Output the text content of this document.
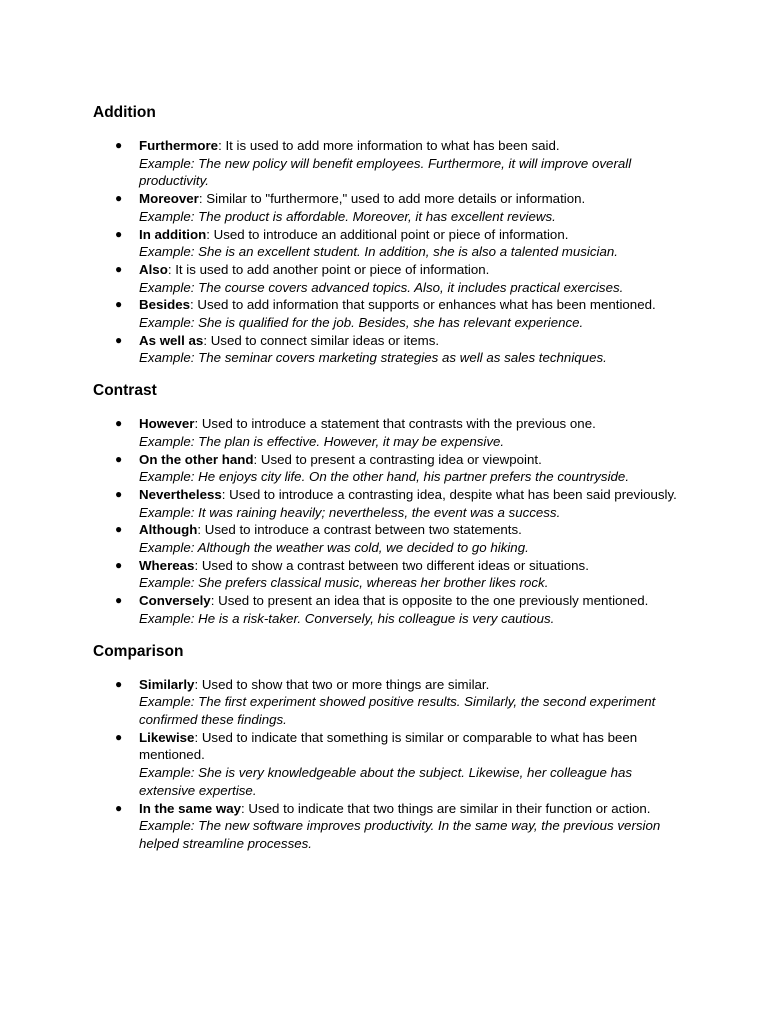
Addition
● Furthermore: It is used to add more information to what has been said.
Example: The new policy will benefit employees. Furthermore, it will improve overall productivity.
● Moreover: Similar to "furthermore," used to add more details or information.
Example: The product is affordable. Moreover, it has excellent reviews.
● In addition: Used to introduce an additional point or piece of information.
Example: She is an excellent student. In addition, she is also a talented musician.
● Also: It is used to add another point or piece of information.
Example: The course covers advanced topics. Also, it includes practical exercises.
● Besides: Used to add information that supports or enhances what has been mentioned.
Example: She is qualified for the job. Besides, she has relevant experience.
● As well as: Used to connect similar ideas or items.
Example: The seminar covers marketing strategies as well as sales techniques.
Contrast
● However: Used to introduce a statement that contrasts with the previous one.
Example: The plan is effective. However, it may be expensive.
● On the other hand: Used to present a contrasting idea or viewpoint.
Example: He enjoys city life. On the other hand, his partner prefers the countryside.
● Nevertheless: Used to introduce a contrasting idea, despite what has been said previously.
Example: It was raining heavily; nevertheless, the event was a success.
● Although: Used to introduce a contrast between two statements.
Example: Although the weather was cold, we decided to go hiking.
● Whereas: Used to show a contrast between two different ideas or situations.
Example: She prefers classical music, whereas her brother likes rock.
● Conversely: Used to present an idea that is opposite to the one previously mentioned.
Example: He is a risk-taker. Conversely, his colleague is very cautious.
Comparison
● Similarly: Used to show that two or more things are similar.
Example: The first experiment showed positive results. Similarly, the second experiment confirmed these findings.
● Likewise: Used to indicate that something is similar or comparable to what has been mentioned.
Example: She is very knowledgeable about the subject. Likewise, her colleague has extensive expertise.
● In the same way: Used to indicate that two things are similar in their function or action.
Example: The new software improves productivity. In the same way, the previous version helped streamline processes.
